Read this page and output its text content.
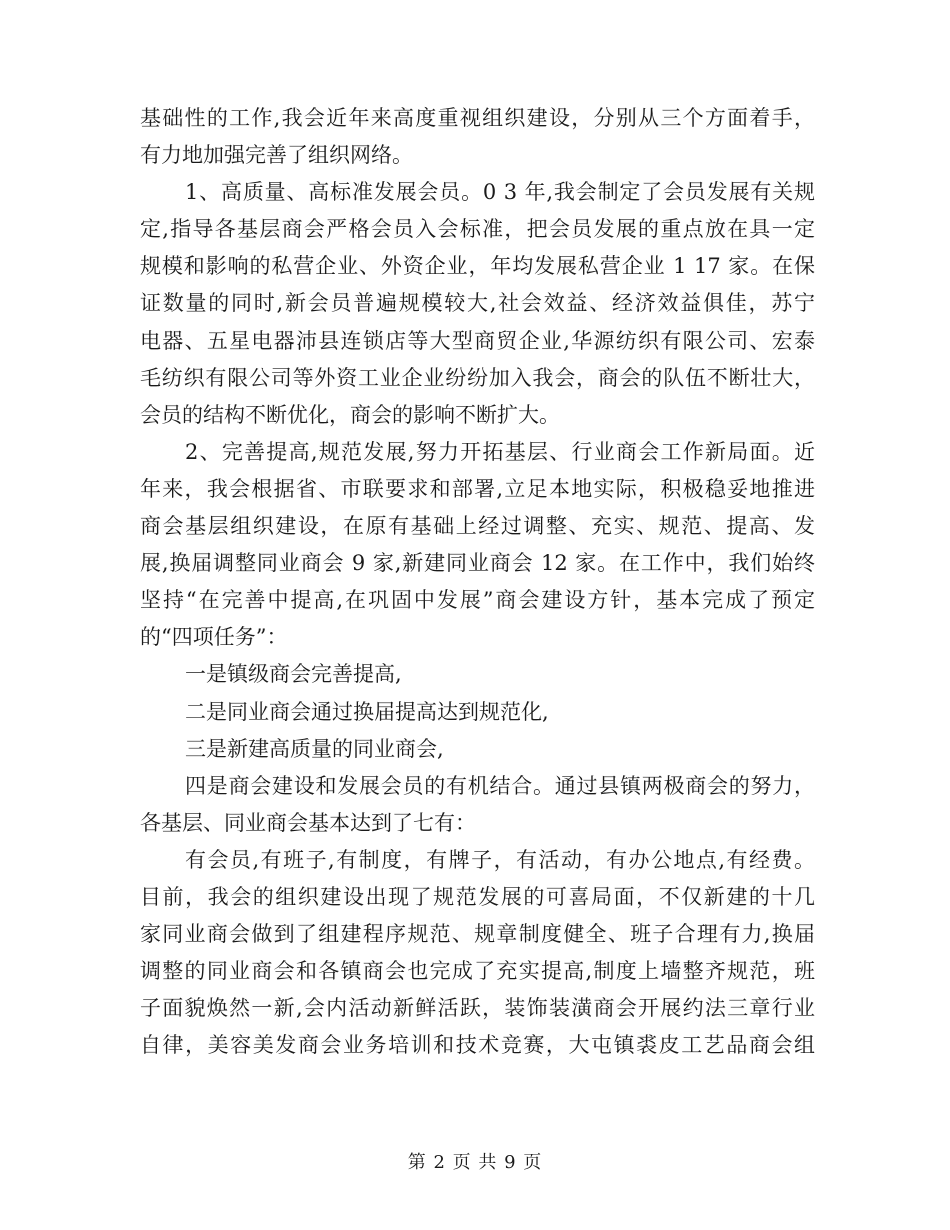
基础性的工作,我会近年来高度重视组织建设，分别从三个方面着手，
有力地加强完善了组织网络。
1、高质量、高标准发展会员。0 3 年,我会制定了会员发展有关规
定,指导各基层商会严格会员入会标准，把会员发展的重点放在具一定
规模和影响的私营企业、外资企业，年均发展私营企业 1 17 家。在保
证数量的同时,新会员普遍规模较大,社会效益、经济效益俱佳，苏宁
电器、五星电器沛县连锁店等大型商贸企业,华源纺织有限公司、宏泰
毛纺织有限公司等外资工业企业纷纷加入我会，商会的队伍不断壮大，
会员的结构不断优化，商会的影响不断扩大。
2、完善提高,规范发展,努力开拓基层、行业商会工作新局面。近
年来，我会根据省、市联要求和部署,立足本地实际，积极稳妥地推进
商会基层组织建设，在原有基础上经过调整、充实、规范、提高、发
展,换届调整同业商会 9 家,新建同业商会 12 家。在工作中，我们始终
坚持“在完善中提高,在巩固中发展”商会建设方针，基本完成了预定
的“四项任务”：
一是镇级商会完善提高,
二是同业商会通过换届提高达到规范化,
三是新建高质量的同业商会,
四是商会建设和发展会员的有机结合。通过县镇两极商会的努力，
各基层、同业商会基本达到了七有：
有会员,有班子,有制度，有牌子，有活动，有办公地点,有经费。
目前，我会的组织建设出现了规范发展的可喜局面，不仅新建的十几
家同业商会做到了组建程序规范、规章制度健全、班子合理有力,换届
调整的同业商会和各镇商会也完成了充实提高,制度上墙整齐规范，班
子面貌焕然一新,会内活动新鲜活跃，装饰装潢商会开展约法三章行业
自律，美容美发商会业务培训和技术竞赛，大屯镇裘皮工艺品商会组
第 2 页 共 9 页
